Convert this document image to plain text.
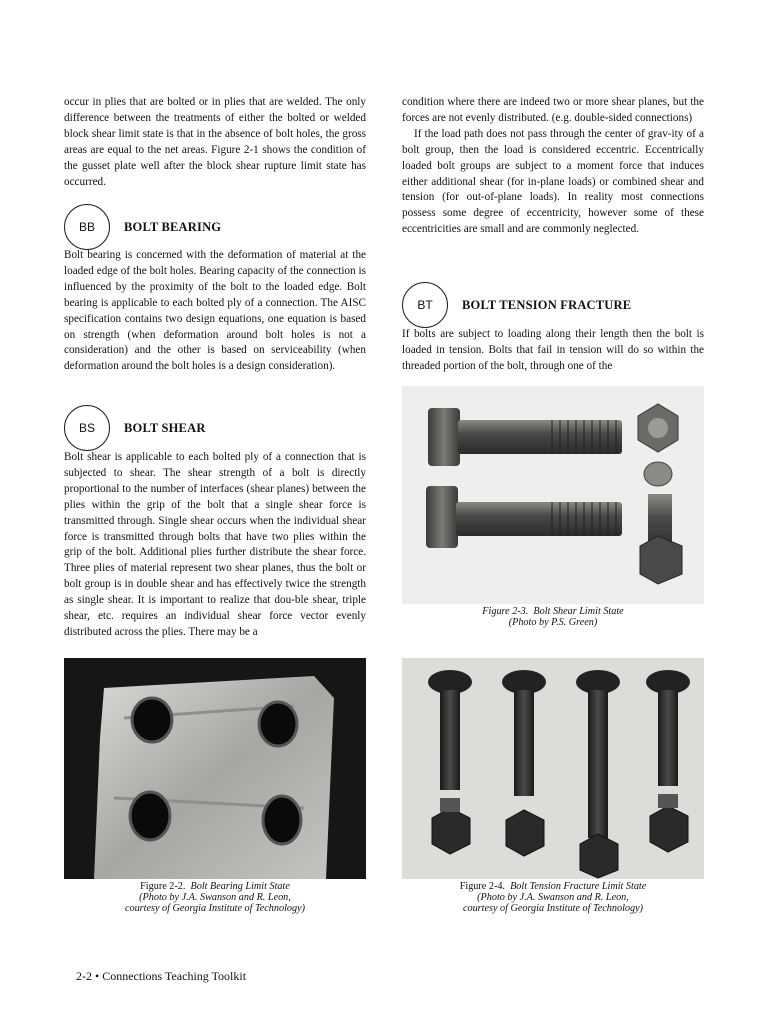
occur in plies that are bolted or in plies that are welded. The only difference between the treatments of either the bolted or welded block shear limit state is that in the absence of bolt holes, the gross areas are equal to the net areas. Figure 2-1 shows the condition of the gusset plate well after the block shear rupture limit state has occurred.

BB	BOLT BEARING

Bolt bearing is concerned with the deformation of material at the loaded edge of the bolt holes. Bearing capacity of the connection is influenced by the proximity of the bolt to the loaded edge. Bolt bearing is applicable to each bolted ply of a connection. The AISC specification contains two design equations, one equation is based on strength (when deformation around bolt holes is not a consideration) and the other is based on serviceability (when deformation around the bolt holes is a design consideration).

BS	BOLT SHEAR

Bolt shear is applicable to each bolted ply of a connection that is subjected to shear. The shear strength of a bolt is directly proportional to the number of interfaces (shear planes) between the plies within the grip of the bolt that a single shear force is transmitted through. Single shear occurs when the individual shear force is transmitted through bolts that have two plies within the grip of the bolt. Additional plies further distribute the shear force. Three plies of material represent two shear planes, thus the bolt or bolt group is in double shear and has effectively twice the strength as single shear. It is important to realize that dou-ble shear, triple shear, etc. requires an individual shear force vector evenly distributed across the plies. There may be a

condition where there are indeed two or more shear planes, but the forces are not evenly distributed. (e.g. double-sided connections)

If the load path does not pass through the center of grav-ity of a bolt group, then the load is considered eccentric. Eccentrically loaded bolt groups are subject to a moment force that induces either additional shear (for in-plane loads) or combined shear and tension (for out-of-plane loads). In reality most connections possess some degree of eccentricity, however some of these eccentricities are small and are commonly neglected.

BT	BOLT TENSION FRACTURE

If bolts are subject to loading along their length then the bolt is loaded in tension. Bolts that fail in tension will do so within the threaded portion of the bolt, through one of the

Figure 2-3. Bolt Shear Limit State
(Photo by P.S. Green)
Figure 2-2. Bolt Bearing Limit State
(Photo by J.A. Swanson and R. Leon,
courtesy of Georgia Institute of Technology)
Figure 2-4. Bolt Tension Fracture Limit State
(Photo by J.A. Swanson and R. Leon,
courtesy of Georgia Institute of Technology)
2-2 • Connections Teaching Toolkit
